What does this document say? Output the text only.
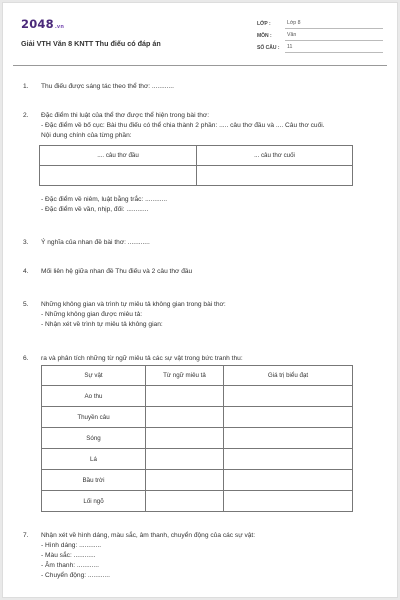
2048.vn
Giải VTH Văn 8 KNTT Thu điếu có đáp án
LỚP :	Lớp 8
MÔN :	Văn
SỐ CÂU :	11
1. Thu điếu được sáng tác theo thể thơ: ............
2. Đặc điểm thi luật của thể thơ được thể hiện trong bài thơ:
- Đặc điểm về bố cục: Bài thu điếu có thể chia thành 2 phần: ..... câu thơ đầu và .... Câu thơ cuối.
Nội dung chính của từng phần:
.... câu thơ đầu	... câu thơ cuối

- Đặc điểm về niêm, luật bằng trắc: ............
- Đặc điểm về vần, nhịp, đối: ............
3. Ý nghĩa của nhan đề bài thơ: ............
4. Mối liên hệ giữa nhan đề Thu điếu và 2 câu thơ đầu
5. Những không gian và trình tự miêu tả không gian trong bài thơ:
- Những không gian được miêu tả:
- Nhận xét về trình tự miêu tả không gian:
6. ra và phân tích những từ ngữ miêu tả các sự vật trong bức tranh thu:
Sự vật	Từ ngữ miêu tả	Giá trị biểu đạt
Ao thu		
Thuyền câu		
Sóng		
Lá		
Bầu trời		
Lối ngõ		
7. Nhận xét về hình dáng, màu sắc, âm thanh, chuyển động của các sự vật:
- Hình dáng: ............
- Màu sắc: ............
- Âm thanh: ............
- Chuyển động: ............
